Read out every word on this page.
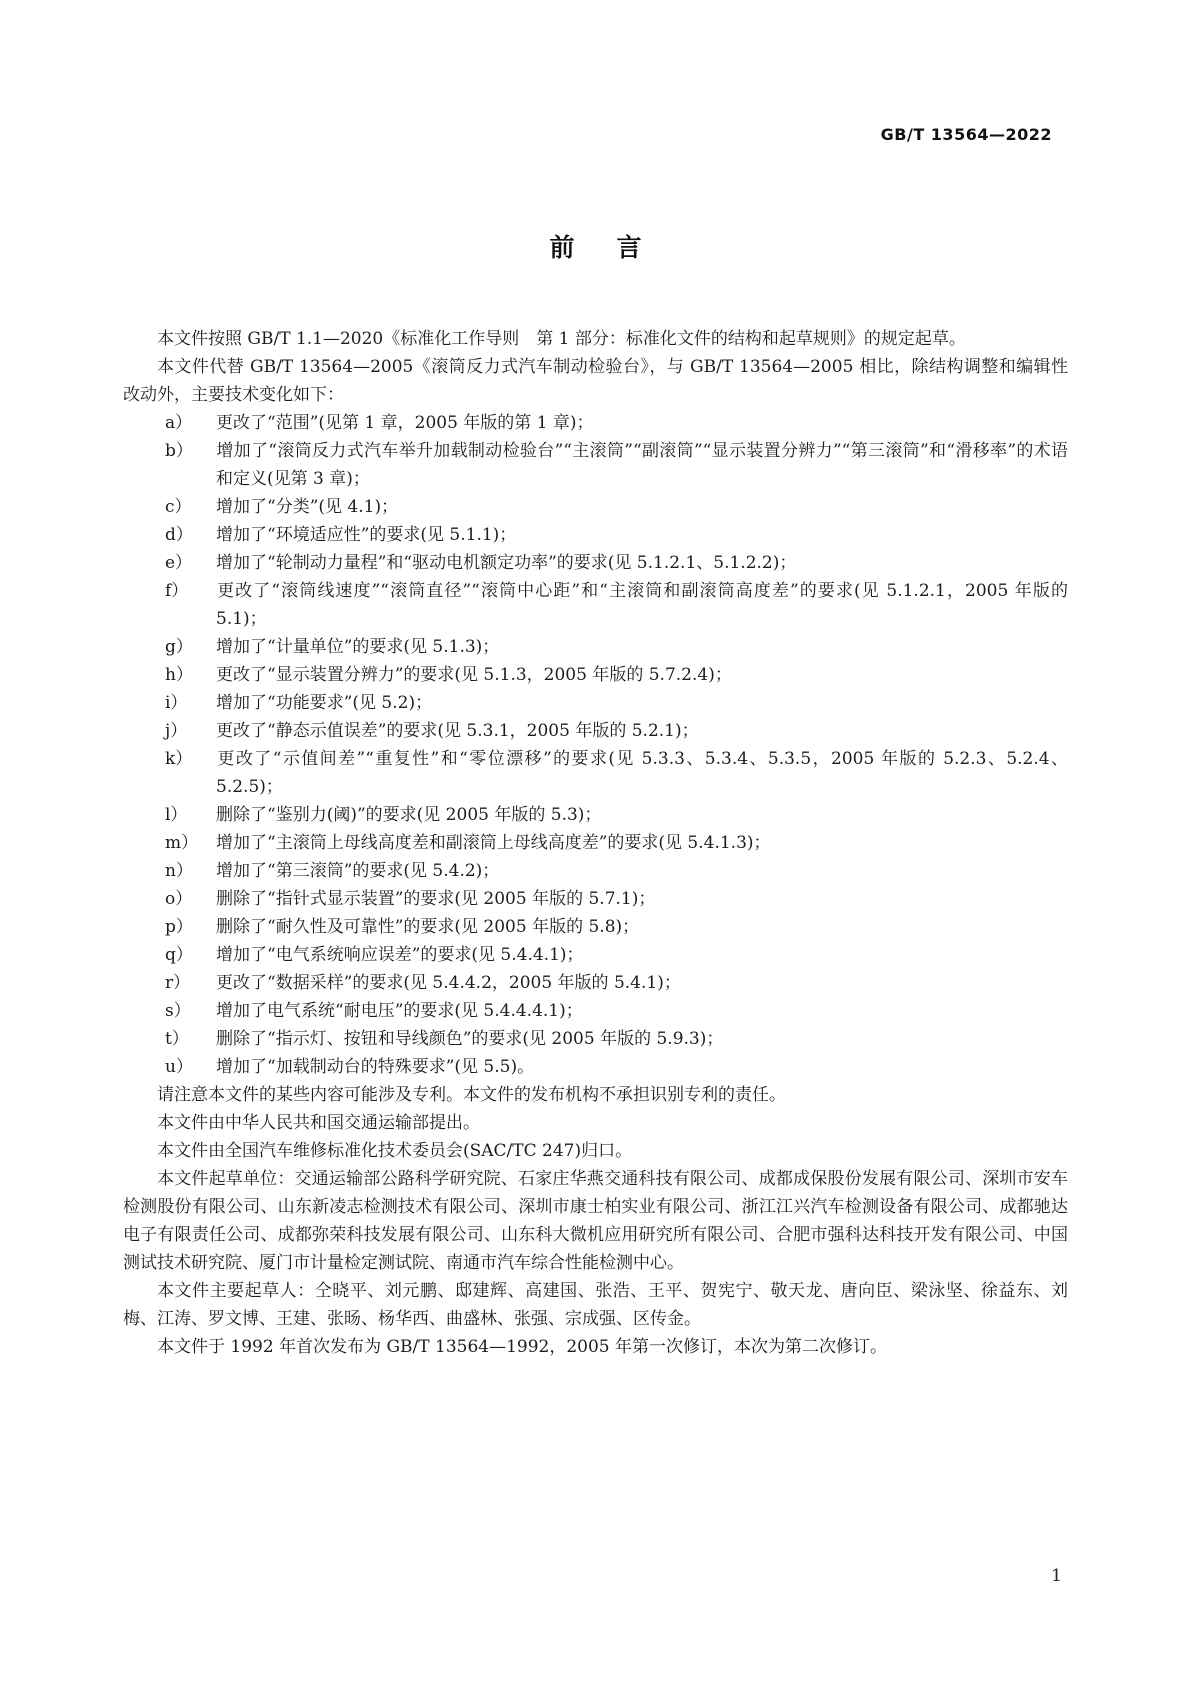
GB/T 13564—2022
前言

本文件按照 GB/T 1.1—2020《标准化工作导则　第 1 部分：标准化文件的结构和起草规则》的规定起草。

本文件代替 GB/T 13564—2005《滚筒反力式汽车制动检验台》，与 GB/T 13564—2005 相比，除结构调整和编辑性改动外，主要技术变化如下：

a） 更改了“范围”(见第 1 章，2005 年版的第 1 章)；

b） 增加了“滚筒反力式汽车举升加载制动检验台”“主滚筒”“副滚筒”“显示装置分辨力”“第三滚筒”和“滑移率”的术语和定义(见第 3 章)；

c） 增加了“分类”(见 4.1)；

d） 增加了“环境适应性”的要求(见 5.1.1)；

e） 增加了“轮制动力量程”和“驱动电机额定功率”的要求(见 5.1.2.1、5.1.2.2)；

f） 更改了“滚筒线速度”“滚筒直径”“滚筒中心距”和“主滚筒和副滚筒高度差”的要求(见 5.1.2.1，2005 年版的 5.1)；

g） 增加了“计量单位”的要求(见 5.1.3)；

h） 更改了“显示装置分辨力”的要求(见 5.1.3，2005 年版的 5.7.2.4)；

i） 增加了“功能要求”(见 5.2)；

j） 更改了“静态示值误差”的要求(见 5.3.1，2005 年版的 5.2.1)；

k） 更改了“示值间差”“重复性”和“零位漂移”的要求(见 5.3.3、5.3.4、5.3.5，2005 年版的 5.2.3、5.2.4、5.2.5)；

l） 删除了“鉴别力(阈)”的要求(见 2005 年版的 5.3)；

m） 增加了“主滚筒上母线高度差和副滚筒上母线高度差”的要求(见 5.4.1.3)；

n） 增加了“第三滚筒”的要求(见 5.4.2)；

o） 删除了“指针式显示装置”的要求(见 2005 年版的 5.7.1)；

p） 删除了“耐久性及可靠性”的要求(见 2005 年版的 5.8)；

q） 增加了“电气系统响应误差”的要求(见 5.4.4.1)；

r） 更改了“数据采样”的要求(见 5.4.4.2，2005 年版的 5.4.1)；

s） 增加了电气系统“耐电压”的要求(见 5.4.4.4.1)；

t） 删除了“指示灯、按钮和导线颜色”的要求(见 2005 年版的 5.9.3)；

u） 增加了“加载制动台的特殊要求”(见 5.5)。

请注意本文件的某些内容可能涉及专利。本文件的发布机构不承担识别专利的责任。

本文件由中华人民共和国交通运输部提出。

本文件由全国汽车维修标准化技术委员会(SAC/TC 247)归口。

本文件起草单位：交通运输部公路科学研究院、石家庄华燕交通科技有限公司、成都成保股份发展有限公司、深圳市安车检测股份有限公司、山东新凌志检测技术有限公司、深圳市康士柏实业有限公司、浙江江兴汽车检测设备有限公司、成都驰达电子有限责任公司、成都弥荣科技发展有限公司、山东科大微机应用研究所有限公司、合肥市强科达科技开发有限公司、中国测试技术研究院、厦门市计量检定测试院、南通市汽车综合性能检测中心。

本文件主要起草人：仝晓平、刘元鹏、邸建辉、高建国、张浩、王平、贺宪宁、敬天龙、唐向臣、梁泳坚、徐益东、刘梅、江涛、罗文博、王建、张旸、杨华西、曲盛林、张强、宗成强、区传金。

本文件于 1992 年首次发布为 GB/T 13564—1992，2005 年第一次修订，本次为第二次修订。

1
